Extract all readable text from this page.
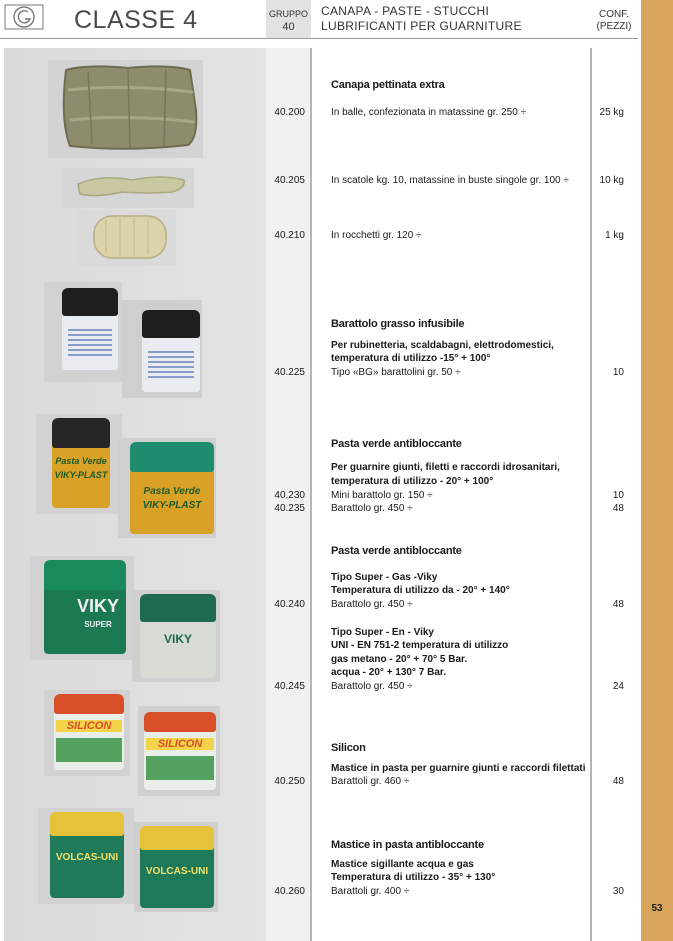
CLASSE 4	GRUPPO
40
CANAPA - PASTE - STUCCHI
LUBRIFICANTI PER GUARNITURE
CONF.
(PEZZI)
53
Pasta Verde
VIKY-PLAST
Pasta Verde
VIKY-PLAST
VIKY
SUPER
VIKY
SILICON
SILICON
VOLCAS-UNI
VOLCAS-UNI
Canapa pettinata extra
40.200	In balle, confezionata in matassine gr. 250 ÷	25 kg
40.205	In scatole kg. 10, matassine in buste singole gr. 100 ÷	10 kg
40.210	In rocchetti gr. 120 ÷	1 kg
Barattolo grasso infusibile
Per rubinetteria, scaldabagni, elettrodomestici,
temperatura di utilizzo -15° + 100°
40.225	Tipo «BG» barattolini gr. 50 ÷	10
Pasta verde antibloccante
Per guarnire giunti, filetti e raccordi idrosanitari,
temperatura di utilizzo - 20° + 100°
40.230	Mini barattolo gr. 150 ÷	10
40.235	Barattolo gr. 450 ÷	48
Pasta verde antibloccante
Tipo Super - Gas -Viky
Temperatura di utilizzo da - 20° + 140°
40.240	Barattolo gr. 450 ÷	48
Tipo Super - En - Viky
UNI - EN 751-2 temperatura di utilizzo
gas metano - 20° + 70° 5 Bar.
acqua - 20° + 130° 7 Bar.
40.245	Barattolo gr. 450 ÷	24
Silicon
Mastice in pasta per guarnire giunti e raccordi filettati
40.250	Barattoli gr. 460 ÷	48
Mastice in pasta antibloccante
Mastice sigillante acqua e gas
Temperatura di utilizzo - 35° + 130°
40.260	Barattoli gr. 400 ÷	30
